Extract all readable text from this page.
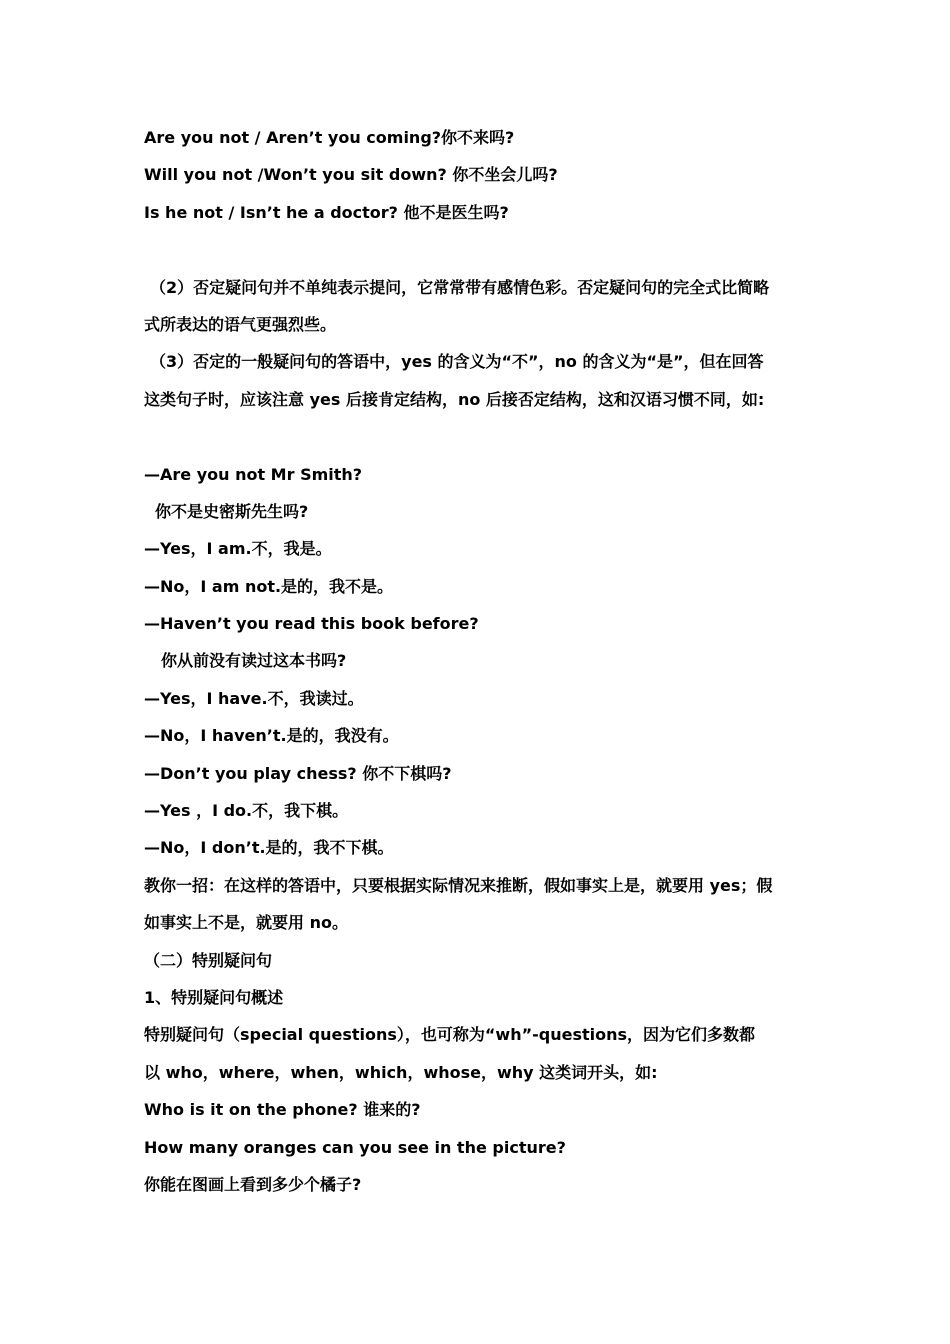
Are you not / Aren’t you coming?你不来吗?
Will you not /Won’t you sit down? 你不坐会儿吗?
Is he not / Isn’t he a doctor? 他不是医生吗?
（2）否定疑问句并不单纯表示提问，它常常带有感情色彩。否定疑问句的完全式比简略
式所表达的语气更强烈些。
（3）否定的一般疑问句的答语中，yes 的含义为“不”，no 的含义为“是”，但在回答
这类句子时，应该注意 yes 后接肯定结构，no 后接否定结构，这和汉语习惯不同，如:
—Are you not Mr Smith?
你不是史密斯先生吗?
—Yes，I am.不，我是。
—No，I am not.是的，我不是。
—Haven’t you read this book before?
你从前没有读过这本书吗?
—Yes，I have.不，我读过。
—No，I haven’t.是的，我没有。
—Don’t you play chess? 你不下棋吗?
—Yes ，I do.不，我下棋。
—No，I don’t.是的，我不下棋。
教你一招：在这样的答语中，只要根据实际情况来推断，假如事实上是，就要用 yes；假
如事实上不是，就要用 no。
（二）特别疑问句
1、特别疑问句概述
特别疑问句（special questions），也可称为“wh”-questions，因为它们多数都
以 who，where，when，which，whose，why 这类词开头，如:
Who is it on the phone? 谁来的?
How many oranges can you see in the picture?
你能在图画上看到多少个橘子?
